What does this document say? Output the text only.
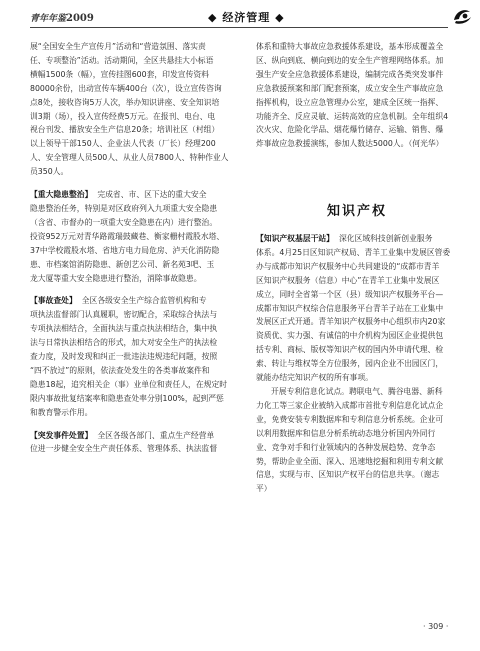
青年年鉴2009	◆ 经济管理 ◆

展“全国安全生产宣传月”活动和“营造氛围、落实责

任、专项整治”活动。活动期间，全区共悬挂大小标语

横幅1500条（幅），宣传挂图600套，印发宣传资料

80000余份，出动宣传车辆400台（次），设立宣传咨询

点8处，接收咨询5万人次，举办知识讲座、安全知识培

训3期（场），投入宣传经费5万元。在报刊、电台、电

视台刊发、播放安全生产信息20条；培训社区（村组）

以上领导干部150人、企业法人代表（厂长）经理200

人、安全管理人员500人、从业人员7800人、特种作业人

员350人。

【重大隐患整治】 完成省、市、区下达的重大安全

隐患整治任务，特别是对区政府列入九项重大安全隐患

（含省、市督办的一项重大安全隐患在内）进行整治。

投资952万元对青华路霞瑞鼓藏巷、衡家栅村霞股水塔、

37中学校霞股水塔、省地方电力局危房、泸天化消防隐

患、市档案馆消防隐患、新创艺公司、新名苑3吧、玉

龙大厦等重大安全隐患进行整治，消除事故隐患。

【事故查处】 全区各级安全生产综合监管机构和专

项执法监督部门认真履职，密切配合，采取综合执法与

专项执法相结合，全面执法与重点执法相结合，集中执

法与日常执法相结合的形式，加大对安全生产的执法检

查力度，及时发现和纠正一批违法违规违纪问题，按照

“四不放过”的原则，依法查处发生的各类事故案件和

隐患18起，追究相关企（事）业单位和责任人，在规定时

限内事故批复结案率和隐患查处率分别100%，起到严惩

和教育警示作用。

【突发事件处置】 全区各级各部门、重点生产经营单

位进一步健全安全生产责任体系、管理体系、执法监督

体系和重特大事故应急救援体系建设，基本形成覆盖全

区、纵向到底、横向到边的安全生产管理网络体系。加

强生产安全应急救援体系建设，编制完成各类突发事件

应急救援预案和部门配套预案，成立安全生产事故应急

指挥机构，设立应急管理办公室，建成全区统一指挥、

功能齐全、反应灵敏、运转高效的应急机制。全年组织4

次火灾、危险化学品、烟花爆竹储存、运输、销售、爆

炸事故应急救援演练，参加人数达5000人。（何光华）

知识产权

【知识产权基层干站】 深化区域科技创新创业服务

体系。4月25日区知识产权局、青羊工业集中发展区管委

办与成都市知识产权服务中心共同建设的“成都市青羊

区知识产权服务（信息）中心”在青羊工业集中发展区

成立，同时全省第一个区（县）级知识产权服务平台—

成都市知识产权综合信息服务平台青羊子站在工业集中

发展区正式开通。青羊知识产权服务中心组织市内20家

资质优、实力强、有诚信的中介机构为园区企业提供包

括专利、商标、版权等知识产权的国内外申请代理、检

索、转让与维权等全方位服务，园内企业不出园区门，

就能办结完知识产权的所有事项。

开展专利信息化试点。聘联电气、腾谷电器、新科

力化工等三家企业被纳入成都市首批专利信息化试点企

业，免费安装专利数据库和专利信息分析系统。企业可

以利用数据库和信息分析系统动态地分析国内外同行

业、竞争对手和行业领域内的各种发展趋势、竞争态

势，帮助企业全面、深入、迅速地挖掘和利用专利文献

信息，实现与市、区知识产权平台的信息共享。（谢志

平）

· 309 ·
